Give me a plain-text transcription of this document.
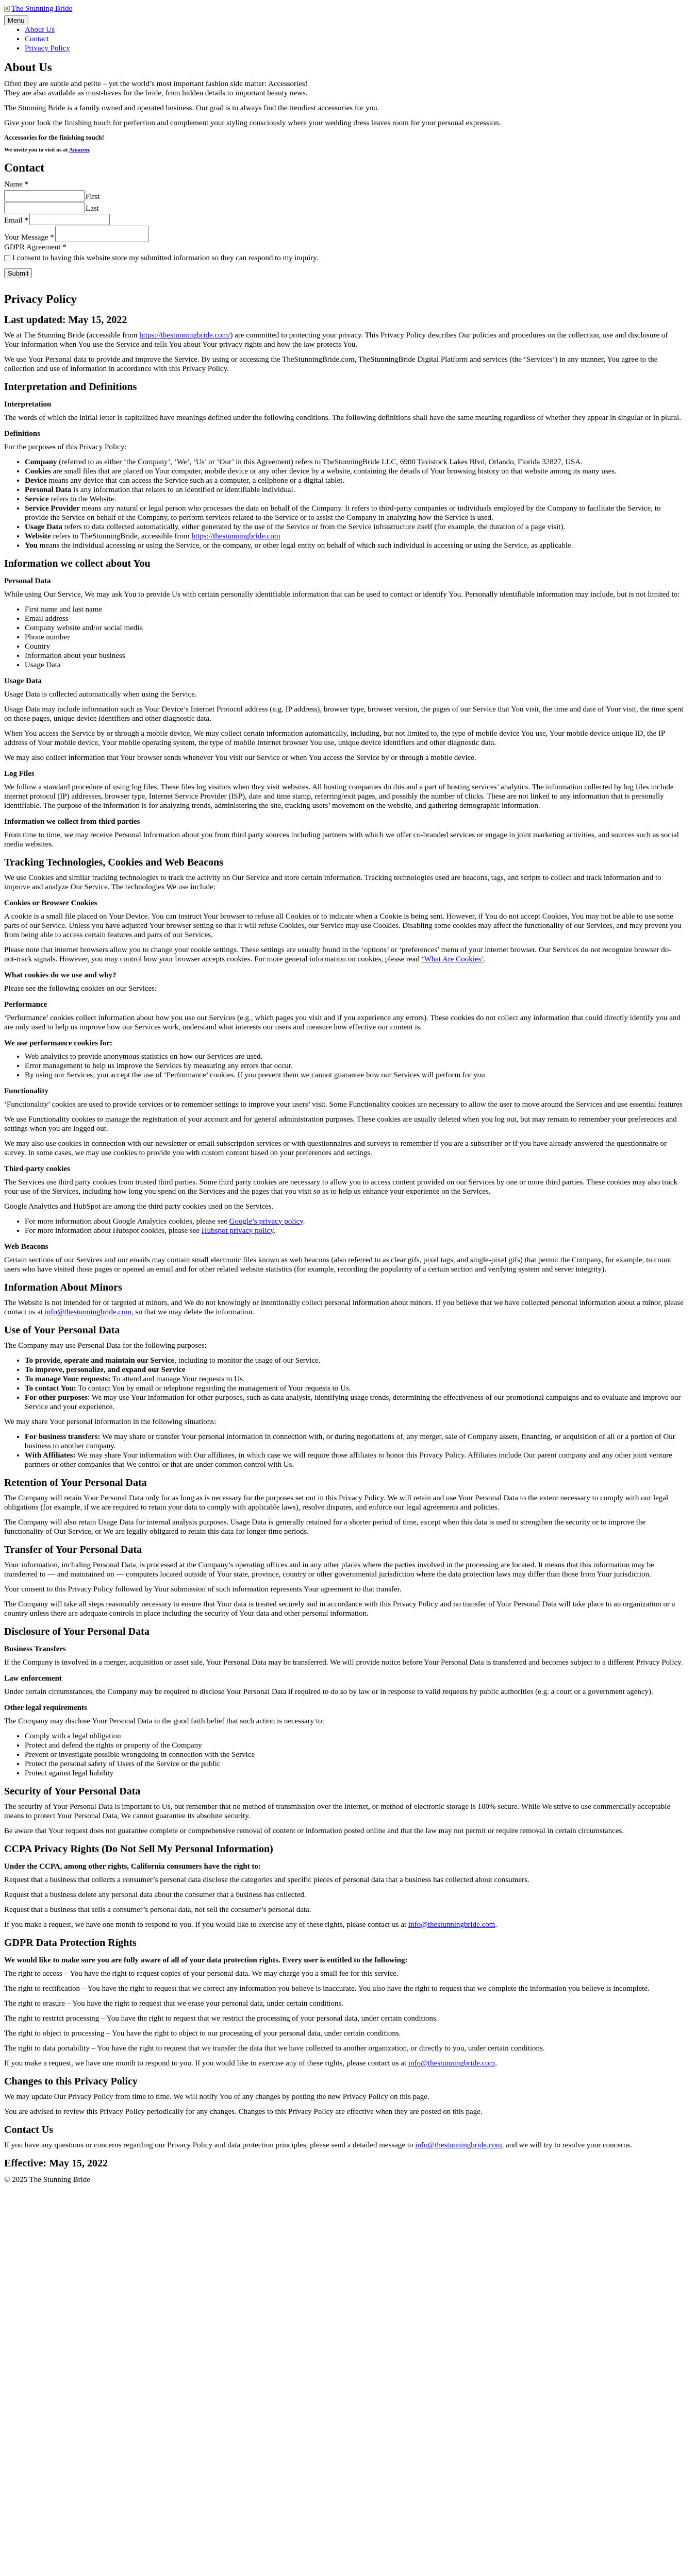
The Stunning Bride

Menu
• About Us
• Contact
• Privacy Policy
About Us

Often they are subtle and petite – yet the world’s most important fashion side matter: Accessories!
They are also available as must-haves for the bride, from hidden details to important beauty news.

The Stunning Bride is a family owned and operated business. Our goal is to always find the trendiest accessories for you.

Give your look the finishing touch for perfection and complement your styling consciously where your wedding dress leaves room for your personal expression.

Accessories for the finishing touch!
We invite you to visit us at Amazon.
Contact
Name *
First
Last
Email *
Your Message *
GDPR Agreement *
I consent to having this website store my submitted information so they can respond to my inquiry.
Submit
Privacy Policy
Last updated: May 15, 2022

We at The Stunning Bride (accessible from https://thestunningbride.com/) are committed to protecting your privacy. This Privacy Policy describes Our policies and procedures on the collection, use and disclosure of Your information when You use the Service and tells You about Your privacy rights and how the law protects You.

We use Your Personal data to provide and improve the Service. By using or accessing the TheStunningBride.com, TheStunningBride Digital Platform and services (the ‘Services’) in any manner, You agree to the collection and use of information in accordance with this Privacy Policy.

Interpretation and Definitions
Interpretation

The words of which the initial letter is capitalized have meanings defined under the following conditions. The following definitions shall have the same meaning regardless of whether they appear in singular or in plural.

Definitions

For the purposes of this Privacy Policy:

• Company (referred to as either ‘the Company’, ‘We’, ‘Us’ or ‘Our’ in this Agreement) refers to TheStunningBride LLC, 6900 Tavistock Lakes Blvd, Orlando, Florida 32827, USA.
• Cookies are small files that are placed on Your computer, mobile device or any other device by a website, containing the details of Your browsing history on that website among its many uses.
• Device means any device that can access the Service such as a computer, a cellphone or a digital tablet.
• Personal Data is any information that relates to an identified or identifiable individual.
• Service refers to the Website.
• Service Provider means any natural or legal person who processes the data on behalf of the Company. It refers to third-party companies or individuals employed by the Company to facilitate the Service, to provide the Service on behalf of the Company, to perform services related to the Service or to assist the Company in analyzing how the Service is used.
• Usage Data refers to data collected automatically, either generated by the use of the Service or from the Service infrastructure itself (for example, the duration of a page visit).
• Website refers to TheStunningBride, accessible from https://thestunningbride.com
• You means the individual accessing or using the Service, or the company, or other legal entity on behalf of which such individual is accessing or using the Service, as applicable.
Information we collect about You
Personal Data

While using Our Service, We may ask You to provide Us with certain personally identifiable information that can be used to contact or identify You. Personally identifiable information may include, but is not limited to:

• First name and last name
• Email address
• Company website and/or social media
• Phone number
• Country
• Information about your business
• Usage Data
Usage Data

Usage Data is collected automatically when using the Service.

Usage Data may include information such as Your Device’s Internet Protocol address (e.g. IP address), browser type, browser version, the pages of our Service that You visit, the time and date of Your visit, the time spent on those pages, unique device identifiers and other diagnostic data.

When You access the Service by or through a mobile device, We may collect certain information automatically, including, but not limited to, the type of mobile device You use, Your mobile device unique ID, the IP address of Your mobile device, Your mobile operating system, the type of mobile Internet browser You use, unique device identifiers and other diagnostic data.

We may also collect information that Your browser sends whenever You visit our Service or when You access the Service by or through a mobile device.

Log Files

We follow a standard procedure of using log files. These files log visitors when they visit websites. All hosting companies do this and a part of hosting services’ analytics. The information collected by log files include internet protocol (IP) addresses, browser type, Internet Service Provider (ISP), date and time stamp, referring/exit pages, and possibly the number of clicks. These are not linked to any information that is personally identifiable. The purpose of the information is for analyzing trends, administering the site, tracking users’ movement on the website, and gathering demographic information.

Information we collect from third parties

From time to time, we may receive Personal Information about you from third party sources including partners with which we offer co-branded services or engage in joint marketing activities, and sources such as social media websites.

Tracking Technologies, Cookies and Web Beacons

We use Cookies and similar tracking technologies to track the activity on Our Service and store certain information. Tracking technologies used are beacons, tags, and scripts to collect and track information and to improve and analyze Our Service. The technologies We use include:

Cookies or Browser Cookies

A cookie is a small file placed on Your Device. You can instruct Your browser to refuse all Cookies or to indicate when a Cookie is being sent. However, if You do not accept Cookies, You may not be able to use some parts of our Service. Unless you have adjusted Your browser setting so that it will refuse Cookies, our Service may use Cookies. Disabling some cookies may affect the functionality of our Services, and may prevent you from being able to access certain features and parts of our Services.

Please note that internet browsers allow you to change your cookie settings. These settings are usually found in the ‘options’ or ‘preferences’ menu of your internet browser. Our Services do not recognize browser do-not-track signals. However, you may control how your browser accepts cookies. For more general information on cookies, please read ‘What Are Cookies’.

What cookies do we use and why?

Please see the following cookies on our Services:

Performance

‘Performance’ cookies collect information about how you use our Services (e.g., which pages you visit and if you experience any errors). These cookies do not collect any information that could directly identify you and are only used to help us improve how our Services work, understand what interests our users and measure how effective our content is.

We use performance cookies for:
• Web analytics to provide anonymous statistics on how our Services are used.
• Error management to help us improve the Services by measuring any errors that occur.
• By using our Services, you accept the use of ‘Performance’ cookies. If you prevent them we cannot guarantee how our Services will perform for you
Functionality

‘Functionality’ cookies are used to provide services or to remember settings to improve your users’ visit. Some Functionality cookies are necessary to allow the user to move around the Services and use essential features

We use Functionality cookies to manage the registration of your account and for general administration purposes. These cookies are usually deleted when you log out, but may remain to remember your preferences and settings when you are logged out.

We may also use cookies in connection with our newsletter or email subscription services or with questionnaires and surveys to remember if you are a subscriber or if you have already answered the questionnaire or survey. In some cases, we may use cookies to provide you with custom content based on your preferences and settings.

Third-party cookies

The Services use third party cookies from trusted third parties. Some third party cookies are necessary to allow you to access content provided on our Services by one or more third parties. These cookies may also track your use of the Services, including how long you spend on the Services and the pages that you visit so as to help us enhance your experience on the Services.

Google Analytics and HubSpot are among the third party cookies used on the Services.

• For more information about Google Analytics cookies, please see Google’s privacy policy.
• For more information about Hubspot cookies, please see Hubspot privacy policy.
Web Beacons

Certain sections of our Services and our emails may contain small electronic files known as web beacons (also referred to as clear gifs, pixel tags, and single-pixel gifs) that permit the Company, for example, to count users who have visited those pages or opened an email and for other related website statistics (for example, recording the popularity of a certain section and verifying system and server integrity).

Information About Minors

The Website is not intended for or targeted at minors, and We do not knowingly or intentionally collect personal information about minors. If you believe that we have collected personal information about a minor, please contact us at info@thestunningbride.com, so that we may delete the information.

Use of Your Personal Data

The Company may use Personal Data for the following purposes:

• To provide, operate and maintain our Service, including to monitor the usage of our Service.
• To improve, personalize, and expand our Service
• To manage Your requests: To attend and manage Your requests to Us.
• To contact You: To contact You by email or telephone regarding the management of Your requests to Us.
• For other purposes: We may use Your information for other purposes, such as data analysis, identifying usage trends, determining the effectiveness of our promotional campaigns and to evaluate and improve our Service and your experience.

We may share Your personal information in the following situations:

• For business transfers: We may share or transfer Your personal information in connection with, or during negotiations of, any merger, sale of Company assets, financing, or acquisition of all or a portion of Our business to another company.
• With Affiliates: We may share Your information with Our affiliates, in which case we will require those affiliates to honor this Privacy Policy. Affiliates include Our parent company and any other joint venture partners or other companies that We control or that are under common control with Us.
Retention of Your Personal Data

The Company will retain Your Personal Data only for as long as is necessary for the purposes set out in this Privacy Policy. We will retain and use Your Personal Data to the extent necessary to comply with our legal obligations (for example, if we are required to retain your data to comply with applicable laws), resolve disputes, and enforce our legal agreements and policies.

The Company will also retain Usage Data for internal analysis purposes. Usage Data is generally retained for a shorter period of time, except when this data is used to strengthen the security or to improve the functionality of Our Service, or We are legally obligated to retain this data for longer time periods.

Transfer of Your Personal Data

Your information, including Personal Data, is processed at the Company’s operating offices and in any other places where the parties involved in the processing are located. It means that this information may be transferred to — and maintained on — computers located outside of Your state, province, country or other governmental jurisdiction where the data protection laws may differ than those from Your jurisdiction.

Your consent to this Privacy Policy followed by Your submission of such information represents Your agreement to that transfer.

The Company will take all steps reasonably necessary to ensure that Your data is treated securely and in accordance with this Privacy Policy and no transfer of Your Personal Data will take place to an organization or a country unless there are adequate controls in place including the security of Your data and other personal information.

Disclosure of Your Personal Data
Business Transfers

If the Company is involved in a merger, acquisition or asset sale, Your Personal Data may be transferred. We will provide notice before Your Personal Data is transferred and becomes subject to a different Privacy Policy.

Law enforcement

Under certain circumstances, the Company may be required to disclose Your Personal Data if required to do so by law or in response to valid requests by public authorities (e.g. a court or a government agency).

Other legal requirements

The Company may disclose Your Personal Data in the good faith belief that such action is necessary to:

• Comply with a legal obligation
• Protect and defend the rights or property of the Company
• Prevent or investigate possible wrongdoing in connection with the Service
• Protect the personal safety of Users of the Service or the public
• Protect against legal liability
Security of Your Personal Data

The security of Your Personal Data is important to Us, but remember that no method of transmission over the Internet, or method of electronic storage is 100% secure. While We strive to use commercially acceptable means to protect Your Personal Data, We cannot guarantee its absolute security.

Be aware that Your request does not guarantee complete or comprehensive removal of content or information posted online and that the law may not permit or require removal in certain circumstances.

CCPA Privacy Rights (Do Not Sell My Personal Information)
Under the CCPA, among other rights, California consumers have the right to:

Request that a business that collects a consumer’s personal data disclose the categories and specific pieces of personal data that a business has collected about consumers.

Request that a business delete any personal data about the consumer that a business has collected.

Request that a business that sells a consumer’s personal data, not sell the consumer’s personal data.

If you make a request, we have one month to respond to you. If you would like to exercise any of these rights, please contact us at info@thestunningbride.com.

GDPR Data Protection Rights
We would like to make sure you are fully aware of all of your data protection rights. Every user is entitled to the following:

The right to access – You have the right to request copies of your personal data. We may charge you a small fee for this service.

The right to rectification – You have the right to request that we correct any information you believe is inaccurate. You also have the right to request that we complete the information you believe is incomplete.

The right to erasure – You have the right to request that we erase your personal data, under certain conditions.

The right to restrict processing – You have the right to request that we restrict the processing of your personal data, under certain conditions.

The right to object to processing – You have the right to object to our processing of your personal data, under certain conditions.

The right to data portability – You have the right to request that we transfer the data that we have collected to another organization, or directly to you, under certain conditions.

If you make a request, we have one month to respond to you. If you would like to exercise any of these rights, please contact us at info@thestunningbride.com.

Changes to this Privacy Policy

We may update Our Privacy Policy from time to time. We will notify You of any changes by posting the new Privacy Policy on this page.

You are advised to review this Privacy Policy periodically for any changes. Changes to this Privacy Policy are effective when they are posted on this page.

Contact Us

If you have any questions or concerns regarding our Privacy Policy and data protection principles, please send a detailed message to info@thestunningbride.com, and we will try to resolve your concerns.

Effective: May 15, 2022

© 2025 The Stunning Bride
